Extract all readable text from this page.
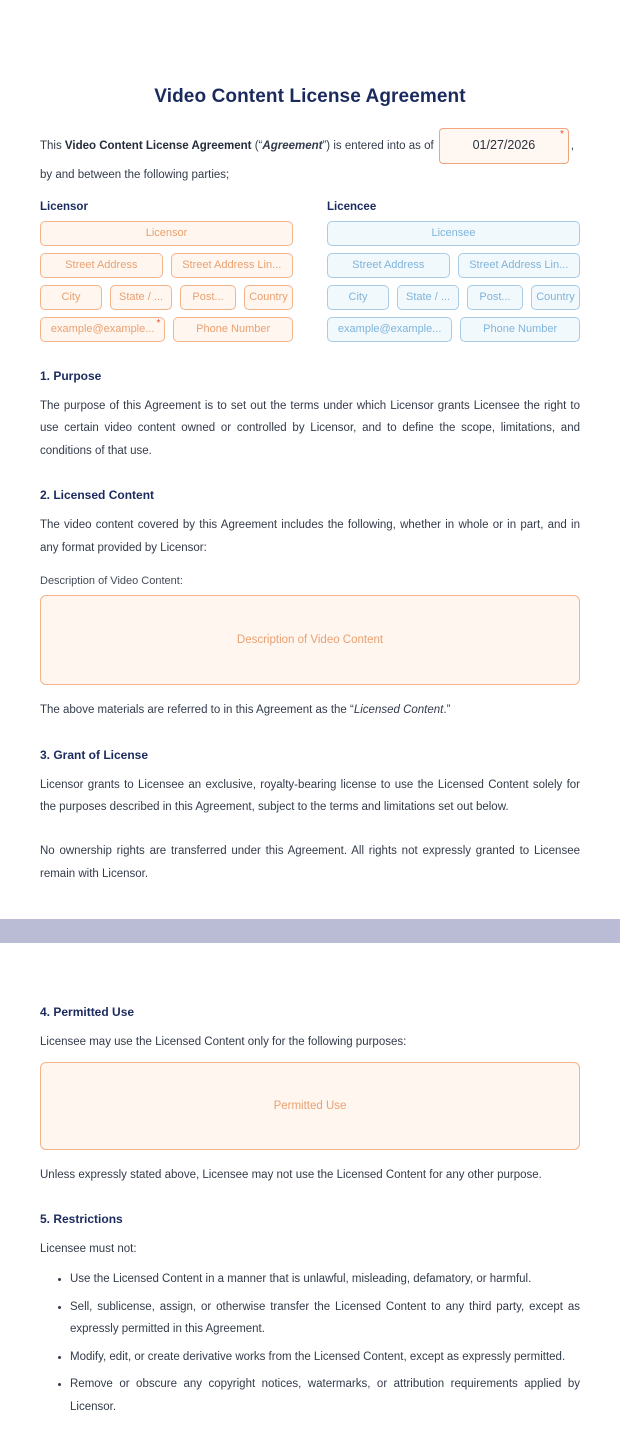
Video Content License Agreement
This Video Content License Agreement (“Agreement”) is entered into as of	01/27/2026
*
, by and between the following parties;
Licensor
Licensor
Street Address	Street Address Lin...
City	State / ...	Post...	Country
example@example... *	Phone Number
Licencee
Licensee
Street Address	Street Address Lin...
City	State / ...	Post...	Country
example@example...	Phone Number
1. Purpose

The purpose of this Agreement is to set out the terms under which Licensor grants Licensee the right to use certain video content owned or controlled by Licensor, and to define the scope, limitations, and conditions of that use.

2. Licensed Content

The video content covered by this Agreement includes the following, whether in whole or in part, and in any format provided by Licensor:

Description of Video Content:
Description of Video Content

The above materials are referred to in this Agreement as the “Licensed Content.”

3. Grant of License

Licensor grants to Licensee an exclusive, royalty-bearing license to use the Licensed Content solely for the purposes described in this Agreement, subject to the terms and limitations set out below.

No ownership rights are transferred under this Agreement. All rights not expressly granted to Licensee remain with Licensor.

4. Permitted Use

Licensee may use the Licensed Content only for the following purposes:

Permitted Use

Unless expressly stated above, Licensee may not use the Licensed Content for any other purpose.

5. Restrictions

Licensee must not:

• Use the Licensed Content in a manner that is unlawful, misleading, defamatory, or harmful.
• Sell, sublicense, assign, or otherwise transfer the Licensed Content to any third party, except as expressly permitted in this Agreement.
• Modify, edit, or create derivative works from the Licensed Content, except as expressly permitted.
• Remove or obscure any copyright notices, watermarks, or attribution requirements applied by Licensor.
